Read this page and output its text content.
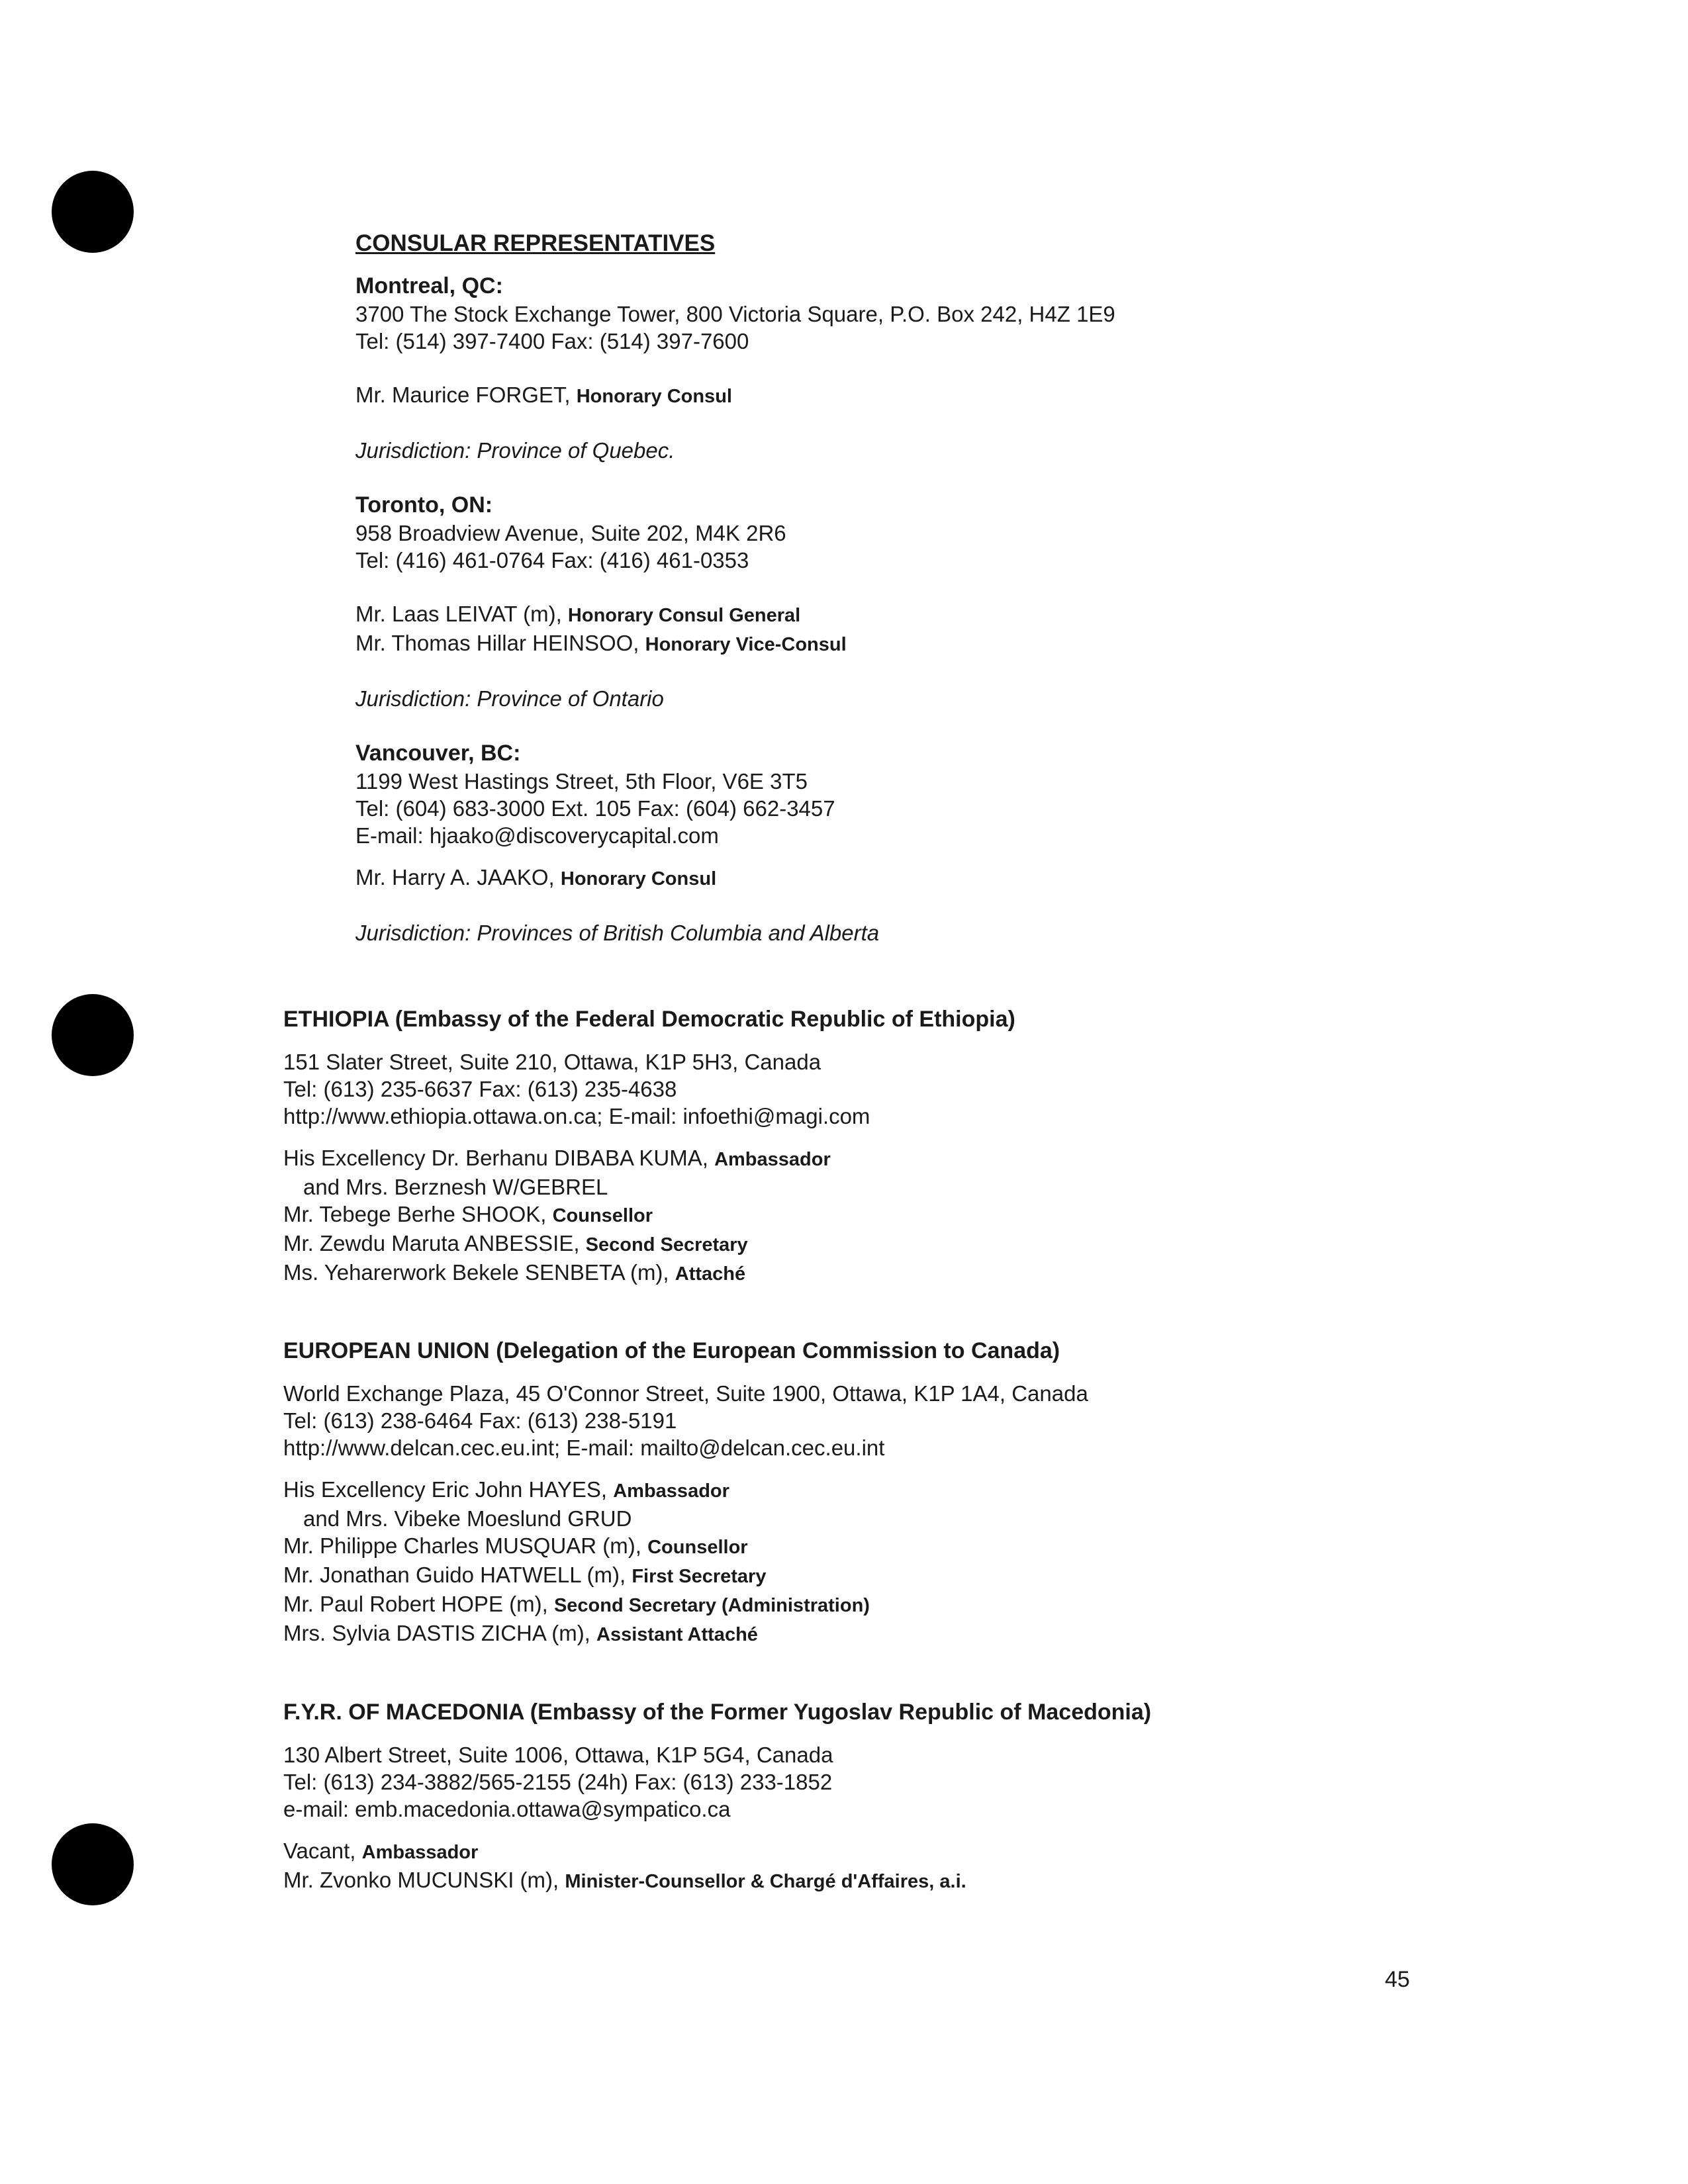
CONSULAR REPRESENTATIVES
Montreal, QC:
3700 The Stock Exchange Tower, 800 Victoria Square, P.O. Box 242, H4Z 1E9
Tel: (514) 397-7400 Fax: (514) 397-7600
Mr. Maurice FORGET, Honorary Consul
Jurisdiction: Province of Quebec.
Toronto, ON:
958 Broadview Avenue, Suite 202, M4K 2R6
Tel: (416) 461-0764 Fax: (416) 461-0353
Mr. Laas LEIVAT (m), Honorary Consul General
Mr. Thomas Hillar HEINSOO, Honorary Vice-Consul
Jurisdiction: Province of Ontario
Vancouver, BC:
1199 West Hastings Street, 5th Floor, V6E 3T5
Tel: (604) 683-3000 Ext. 105 Fax: (604) 662-3457
E-mail: hjaako@discoverycapital.com
Mr. Harry A. JAAKO, Honorary Consul
Jurisdiction: Provinces of British Columbia and Alberta
ETHIOPIA (Embassy of the Federal Democratic Republic of Ethiopia)
151 Slater Street, Suite 210, Ottawa, K1P 5H3, Canada
Tel: (613) 235-6637 Fax: (613) 235-4638
http://www.ethiopia.ottawa.on.ca; E-mail: infoethi@magi.com
His Excellency Dr. Berhanu DIBABA KUMA, Ambassador
and Mrs. Berznesh W/GEBREL
Mr. Tebege Berhe SHOOK, Counsellor
Mr. Zewdu Maruta ANBESSIE, Second Secretary
Ms. Yeharerwork Bekele SENBETA (m), Attaché
EUROPEAN UNION (Delegation of the European Commission to Canada)
World Exchange Plaza, 45 O'Connor Street, Suite 1900, Ottawa, K1P 1A4, Canada
Tel: (613) 238-6464 Fax: (613) 238-5191
http://www.delcan.cec.eu.int; E-mail: mailto@delcan.cec.eu.int
His Excellency Eric John HAYES, Ambassador
and Mrs. Vibeke Moeslund GRUD
Mr. Philippe Charles MUSQUAR (m), Counsellor
Mr. Jonathan Guido HATWELL (m), First Secretary
Mr. Paul Robert HOPE (m), Second Secretary (Administration)
Mrs. Sylvia DASTIS ZICHA (m), Assistant Attaché
F.Y.R. OF MACEDONIA (Embassy of the Former Yugoslav Republic of Macedonia)
130 Albert Street, Suite 1006, Ottawa, K1P 5G4, Canada
Tel: (613) 234-3882/565-2155 (24h) Fax: (613) 233-1852
e-mail: emb.macedonia.ottawa@sympatico.ca
Vacant, Ambassador
Mr. Zvonko MUCUNSKI (m), Minister-Counsellor & Chargé d'Affaires, a.i.
45
